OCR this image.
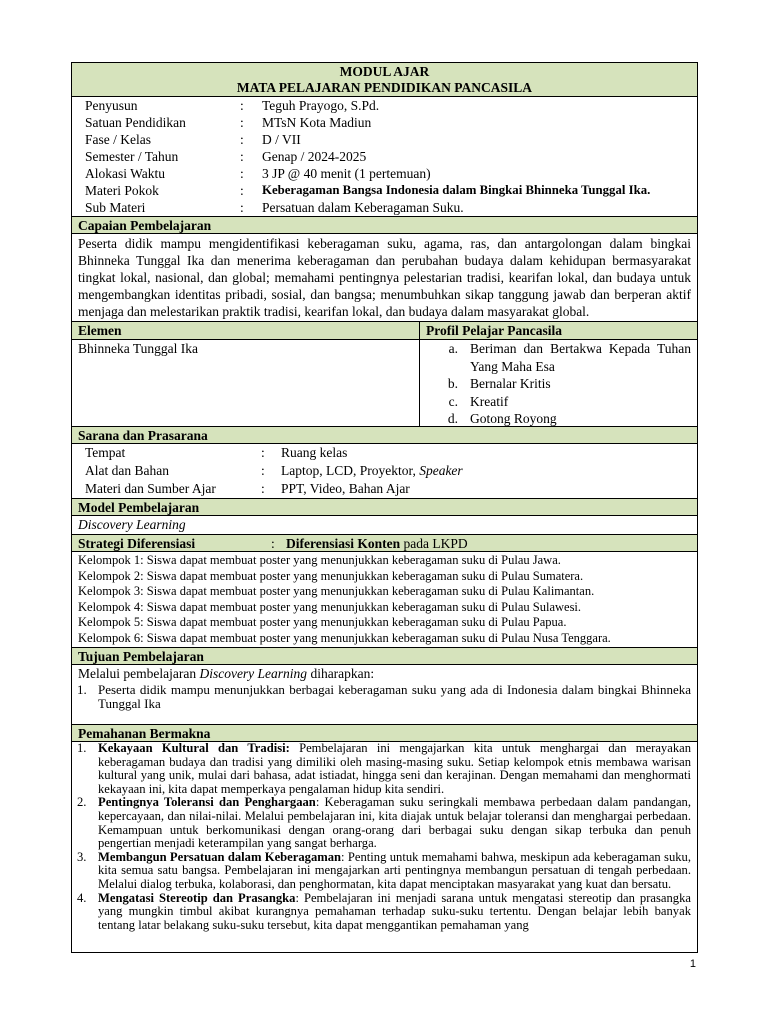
MODUL AJAR
MATA PELAJARAN PENDIDIKAN PANCASILA
Penyusun	:	Teguh Prayogo, S.Pd.
Satuan Pendidikan	:	MTsN Kota Madiun
Fase / Kelas	:	D / VII
Semester / Tahun	:	Genap / 2024-2025
Alokasi Waktu	:	3 JP @ 40 menit (1 pertemuan)
Materi Pokok	:	Keberagaman Bangsa Indonesia dalam Bingkai Bhinneka Tunggal Ika.
Sub Materi	:	Persatuan dalam Keberagaman Suku.
Capaian Pembelajaran
Peserta didik mampu mengidentifikasi keberagaman suku, agama, ras, dan antargolongan dalam bingkai Bhinneka Tunggal Ika dan menerima keberagaman dan perubahan budaya dalam kehidupan bermasyarakat tingkat lokal, nasional, dan global; memahami pentingnya pelestarian tradisi, kearifan lokal, dan budaya untuk mengembangkan identitas pribadi, sosial, dan bangsa; menumbuhkan sikap tanggung jawab dan berperan aktif menjaga dan melestarikan praktik tradisi, kearifan lokal, dan budaya dalam masyarakat global.
Elemen	Profil Pelajar Pancasila
Bhinneka Tunggal Ika	a. Beriman dan Bertakwa Kepada Tuhan Yang Maha Esa
b. Bernalar Kritis
c. Kreatif
d. Gotong Royong
Sarana dan Prasarana
Tempat	:	Ruang kelas
Alat dan Bahan	:	Laptop, LCD, Proyektor, Speaker
Materi dan Sumber Ajar	:	PPT, Video, Bahan Ajar
Model Pembelajaran
Discovery Learning
Strategi Diferensiasi	: Diferensiasi Konten pada LKPD
Kelompok 1: Siswa dapat membuat poster yang menunjukkan keberagaman suku di Pulau Jawa.
Kelompok 2: Siswa dapat membuat poster yang menunjukkan keberagaman suku di Pulau Sumatera.
Kelompok 3: Siswa dapat membuat poster yang menunjukkan keberagaman suku di Pulau Kalimantan.
Kelompok 4: Siswa dapat membuat poster yang menunjukkan keberagaman suku di Pulau Sulawesi.
Kelompok 5: Siswa dapat membuat poster yang menunjukkan keberagaman suku di Pulau Papua.
Kelompok 6: Siswa dapat membuat poster yang menunjukkan keberagaman suku di Pulau Nusa Tenggara.
Tujuan Pembelajaran
Melalui pembelajaran Discovery Learning diharapkan:
1. Peserta didik mampu menunjukkan berbagai keberagaman suku yang ada di Indonesia dalam bingkai Bhinneka Tunggal Ika
Pemahanan Bermakna
1. Kekayaan Kultural dan Tradisi: Pembelajaran ini mengajarkan kita untuk menghargai dan merayakan keberagaman budaya dan tradisi yang dimiliki oleh masing-masing suku. Setiap kelompok etnis membawa warisan kultural yang unik, mulai dari bahasa, adat istiadat, hingga seni dan kerajinan. Dengan memahami dan menghormati kekayaan ini, kita dapat memperkaya pengalaman hidup kita sendiri.
2. Pentingnya Toleransi dan Penghargaan: Keberagaman suku seringkali membawa perbedaan dalam pandangan, kepercayaan, dan nilai-nilai. Melalui pembelajaran ini, kita diajak untuk belajar toleransi dan menghargai perbedaan. Kemampuan untuk berkomunikasi dengan orang-orang dari berbagai suku dengan sikap terbuka dan penuh pengertian menjadi keterampilan yang sangat berharga.
3. Membangun Persatuan dalam Keberagaman: Penting untuk memahami bahwa, meskipun ada keberagaman suku, kita semua satu bangsa. Pembelajaran ini mengajarkan arti pentingnya membangun persatuan di tengah perbedaan. Melalui dialog terbuka, kolaborasi, dan penghormatan, kita dapat menciptakan masyarakat yang kuat dan bersatu.
4. Mengatasi Stereotip dan Prasangka: Pembelajaran ini menjadi sarana untuk mengatasi stereotip dan prasangka yang mungkin timbul akibat kurangnya pemahaman terhadap suku-suku tertentu. Dengan belajar lebih banyak tentang latar belakang suku-suku tersebut, kita dapat menggantikan pemahaman yang
1
